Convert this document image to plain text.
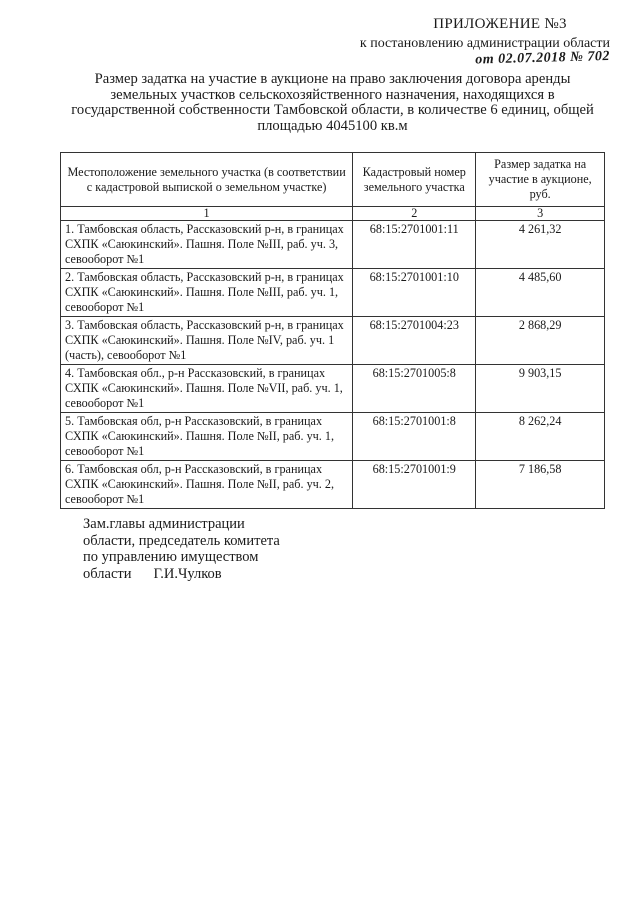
ПРИЛОЖЕНИЕ №3
к постановлению администрации области
от 02.07.2018 № 702
Размер задатка на участие в аукционе на право заключения договора аренды земельных участков сельскохозяйственного назначения, находящихся в государственной собственности Тамбовской области, в количестве 6 единиц, общей площадью 4045100 кв.м
Местоположение земельного участка (в соответствии с кадастровой выпиской о земельном участке)	Кадастровый номер земельного участка	Размер задатка на участие в аукционе, руб.
1	2	3
1. Тамбовская область, Рассказовский р-н, в границах СХПК «Саюкинский». Пашня. Поле №III, раб. уч. 3, севооборот №1	68:15:2701001:11	4 261,32
2. Тамбовская область, Рассказовский р-н, в границах СХПК «Саюкинский». Пашня. Поле №III, раб. уч. 1, севооборот №1	68:15:2701001:10	4 485,60
3. Тамбовская область, Рассказовский р-н, в границах СХПК «Саюкинский». Пашня. Поле №IV, раб. уч. 1 (часть), севооборот №1	68:15:2701004:23	2 868,29
4. Тамбовская обл., р-н Рассказовский, в границах СХПК «Саюкинский». Пашня. Поле №VII, раб. уч. 1, севооборот №1	68:15:2701005:8	9 903,15
5. Тамбовская обл, р-н Рассказовский, в границах СХПК «Саюкинский». Пашня. Поле №II, раб. уч. 1, севооборот №1	68:15:2701001:8	8 262,24
6. Тамбовская обл, р-н Рассказовский, в границах СХПК «Саюкинский». Пашня. Поле №II, раб. уч. 2, севооборот №1	68:15:2701001:9	7 186,58
Зам.главы администрации
области, председатель комитета
по управлению имуществом
области Г.И.Чулков
